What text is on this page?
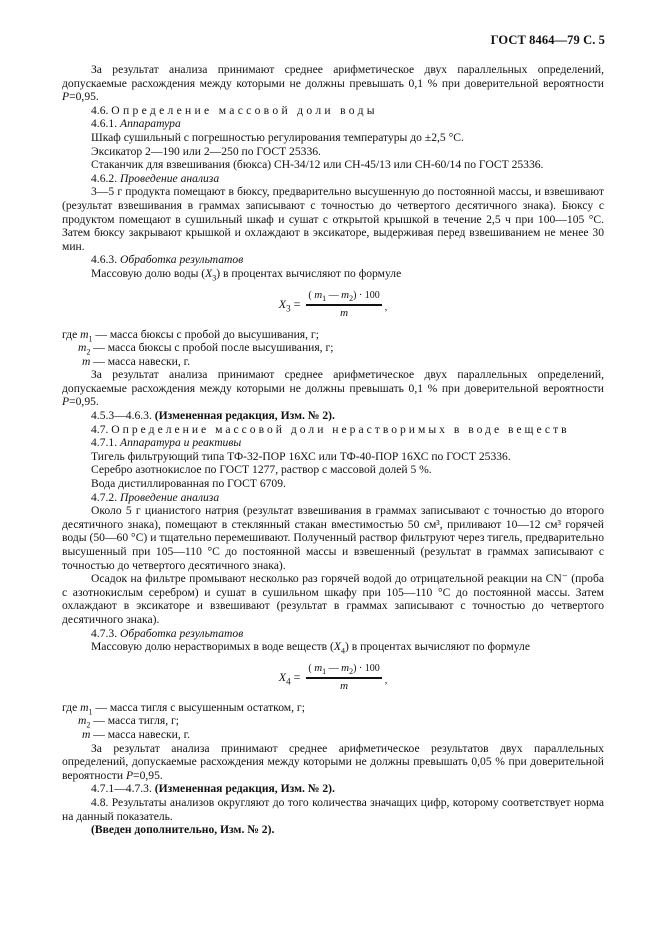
ГОСТ 8464—79 С. 5

За результат анализа принимают среднее арифметическое двух параллельных определений, допускаемые расхождения между которыми не должны превышать 0,1 % при доверительной вероятности P=0,95.

4.6. Определение массовой доли воды

4.6.1. Аппаратура

Шкаф сушильный с погрешностью регулирования температуры до ±2,5 °С.

Эксикатор 2—190 или 2—250 по ГОСТ 25336.

Стаканчик для взвешивания (бюкса) СН-34/12 или СН-45/13 или СН-60/14 по ГОСТ 25336.

4.6.2. Проведение анализа

3—5 г продукта помещают в бюксу, предварительно высушенную до постоянной массы, и взвешивают (результат взвешивания в граммах записывают с точностью до четвертого десятичного знака). Бюксу с продуктом помещают в сушильный шкаф и сушат с открытой крышкой в течение 2,5 ч при 100—105 °С. Затем бюксу закрывают крышкой и охлаждают в эксикаторе, выдерживая перед взвешиванием не менее 30 мин.

4.6.3. Обработка результатов

Массовую долю воды $(X_3)$ в процентах вычисляют по формуле

$X_3 = \frac{( m_1 — m_2) \cdot 100}{m}$ ,
где $m_1$ — масса бюксы с пробой до высушивания, г;
$m_2$ — масса бюксы с пробой после высушивания, г;
m — масса навески, г.

За результат анализа принимают среднее арифметическое двух параллельных определений, допускаемые расхождения между которыми не должны превышать 0,1 % при доверительной вероятности P=0,95.

4.5.3—4.6.3. (Измененная редакция, Изм. № 2).

4.7. Определение массовой доли нерастворимых в воде веществ

4.7.1. Аппаратура и реактивы

Тигель фильтрующий типа ТФ-32-ПОР 16ХС или ТФ-40-ПОР 16ХС по ГОСТ 25336.

Серебро азотнокислое по ГОСТ 1277, раствор с массовой долей 5 %.

Вода дистиллированная по ГОСТ 6709.

4.7.2. Проведение анализа

Около 5 г цианистого натрия (результат взвешивания в граммах записывают с точностью до второго десятичного знака), помещают в стеклянный стакан вместимостью 50 см³, приливают 10—12 см³ горячей воды (50—60 °С) и тщательно перемешивают. Полученный раствор фильтруют через тигель, предварительно высушенный при 105—110 °С до постоянной массы и взвешенный (результат в граммах записывают с точностью до четвертого десятичного знака).

Осадок на фильтре промывают несколько раз горячей водой до отрицательной реакции на CN⁻ (проба с азотнокислым серебром) и сушат в сушильном шкафу при 105—110 °С до постоянной массы. Затем охлаждают в эксикаторе и взвешивают (результат в граммах записывают с точностью до четвертого десятичного знака).

4.7.3. Обработка результатов

Массовую долю нерастворимых в воде веществ $(X_4)$ в процентах вычисляют по формуле

$X_4 = \frac{( m_1 — m_2) \cdot 100}{m}$ ,
где $m_1$ — масса тигля с высушенным остатком, г;
$m_2$ — масса тигля, г;
m — масса навески, г.

За результат анализа принимают среднее арифметическое результатов двух параллельных определений, допускаемые расхождения между которыми не должны превышать 0,05 % при доверительной вероятности P=0,95.

4.7.1—4.7.3. (Измененная редакция, Изм. № 2).

4.8. Результаты анализов округляют до того количества значащих цифр, которому соответствует норма на данный показатель.

(Введен дополнительно, Изм. № 2).
